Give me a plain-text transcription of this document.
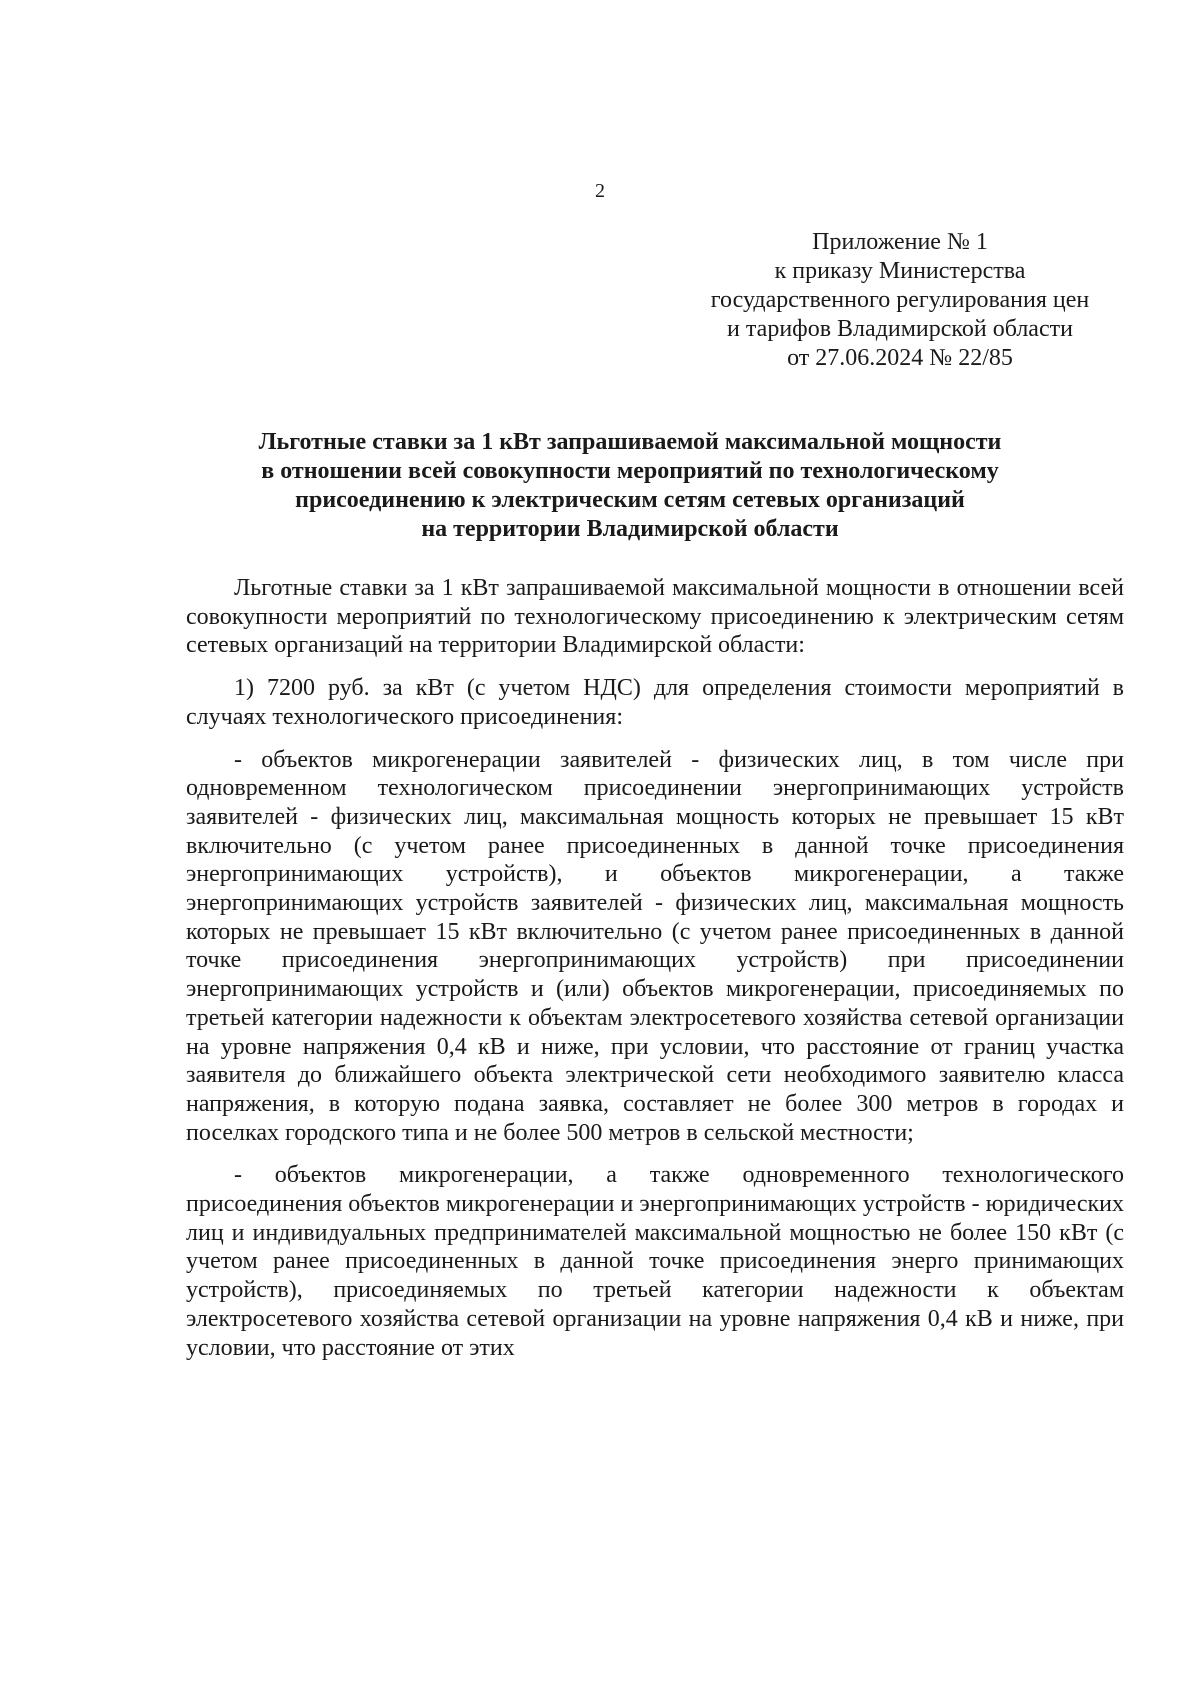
2
Приложение № 1
к приказу Министерства
государственного регулирования цен
и тарифов Владимирской области
от 27.06.2024 № 22/85
Льготные ставки за 1 кВт запрашиваемой максимальной мощности
в отношении всей совокупности мероприятий по технологическому
присоединению к электрическим сетям сетевых организаций
на территории Владимирской области

Льготные ставки за 1 кВт запрашиваемой максимальной мощности в отношении всей совокупности мероприятий по технологическому присоединению к электрическим сетям сетевых организаций на территории Владимирской области:

1) 7200 руб. за кВт (с учетом НДС) для определения стоимости мероприятий в случаях технологического присоединения:

- объектов микрогенерации заявителей - физических лиц, в том числе при одновременном технологическом присоединении энергопринимающих устройств заявителей - физических лиц, максимальная мощность которых не превышает 15 кВт включительно (с учетом ранее присоединенных в данной точке присоединения энергопринимающих устройств), и объектов микрогенерации, а также энергопринимающих устройств заявителей - физических лиц, максимальная мощность которых не превышает 15 кВт включительно (с учетом ранее присоединенных в данной точке присоединения энергопринимающих устройств) при присоединении энергопринимающих устройств и (или) объектов микрогенерации, присоединяемых по третьей категории надежности к объектам электросетевого хозяйства сетевой организации на уровне напряжения 0,4 кВ и ниже, при условии, что расстояние от границ участка заявителя до ближайшего объекта электрической сети необходимого заявителю класса напряжения, в которую подана заявка, составляет не более 300 метров в городах и поселках городского типа и не более 500 метров в сельской местности;

- объектов микрогенерации, а также одновременного технологического присоединения объектов микрогенерации и энергопринимающих устройств - юридических лиц и индивидуальных предпринимателей максимальной мощностью не более 150 кВт (с учетом ранее присоединенных в данной точке присоединения энерго принимающих устройств), присоединяемых по третьей категории надежности к объектам электросетевого хозяйства сетевой организации на уровне напряжения 0,4 кВ и ниже, при условии, что расстояние от этих
